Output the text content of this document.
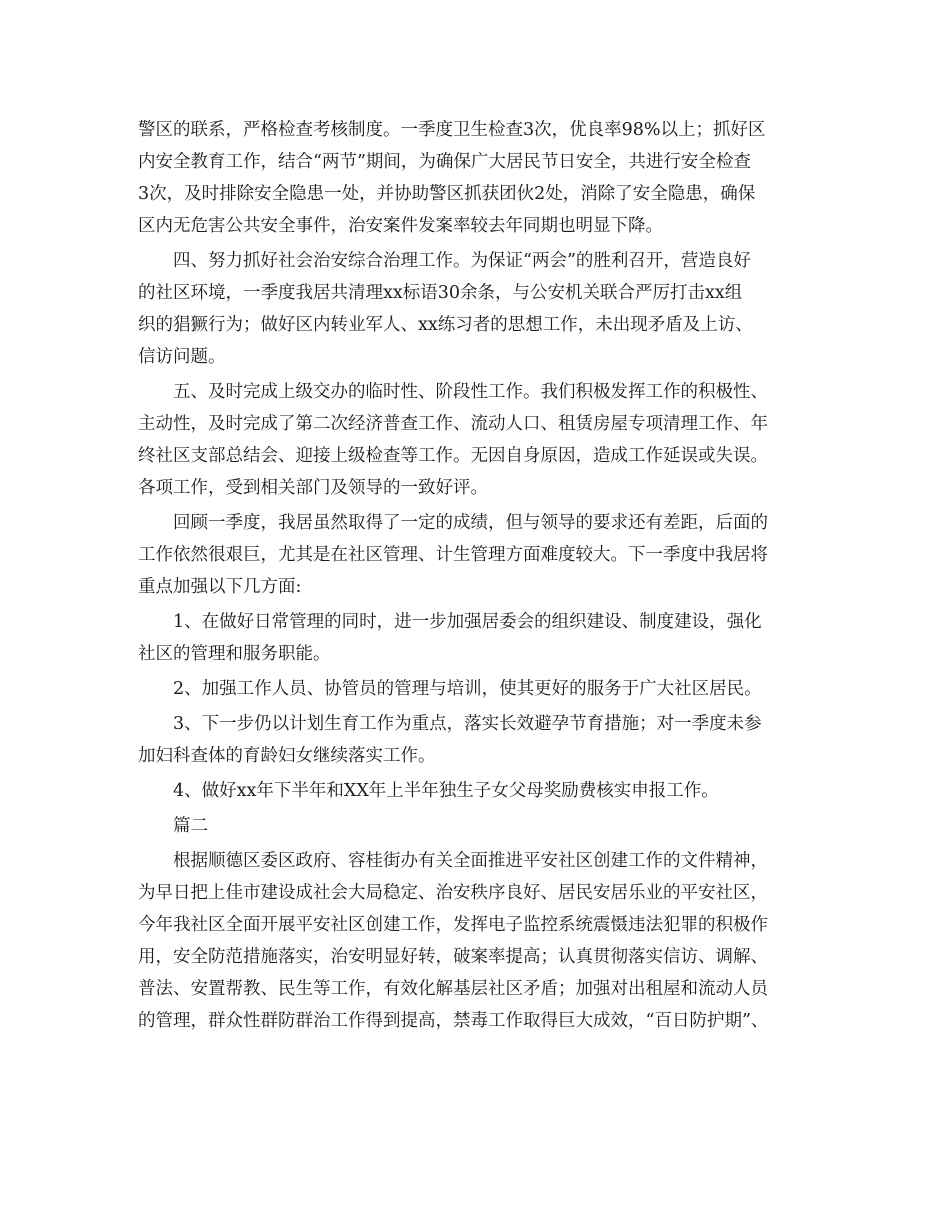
警区的联系，严格检查考核制度。一季度卫生检查3次，优良率98%以上；抓好区
内安全教育工作，结合“两节”期间，为确保广大居民节日安全，共进行安全检查
3次，及时排除安全隐患一处，并协助警区抓获团伙2处，消除了安全隐患，确保
区内无危害公共安全事件，治安案件发案率较去年同期也明显下降。

四、努力抓好社会治安综合治理工作。为保证“两会”的胜利召开，营造良好
的社区环境，一季度我居共清理xx标语30余条，与公安机关联合严厉打击xx组
织的猖獗行为；做好区内转业军人、xx练习者的思想工作，未出现矛盾及上访、
信访问题。

五、及时完成上级交办的临时性、阶段性工作。我们积极发挥工作的积极性、
主动性，及时完成了第二次经济普查工作、流动人口、租赁房屋专项清理工作、年
终社区支部总结会、迎接上级检查等工作。无因自身原因，造成工作延误或失误。
各项工作，受到相关部门及领导的一致好评。

回顾一季度，我居虽然取得了一定的成绩，但与领导的要求还有差距，后面的
工作依然很艰巨，尤其是在社区管理、计生管理方面难度较大。下一季度中我居将
重点加强以下几方面:

1、在做好日常管理的同时，进一步加强居委会的组织建设、制度建设，强化
社区的管理和服务职能。

2、加强工作人员、协管员的管理与培训，使其更好的服务于广大社区居民。

3、下一步仍以计划生育工作为重点，落实长效避孕节育措施；对一季度未参
加妇科查体的育龄妇女继续落实工作。

4、做好xx年下半年和XX年上半年独生子女父母奖励费核实申报工作。

篇二

根据顺德区委区政府、容桂街办有关全面推进平安社区创建工作的文件精神，
为早日把上佳市建设成社会大局稳定、治安秩序良好、居民安居乐业的平安社区，
今年我社区全面开展平安社区创建工作，发挥电子监控系统震慑违法犯罪的积极作
用，安全防范措施落实，治安明显好转，破案率提高；认真贯彻落实信访、调解、
普法、安置帮教、民生等工作，有效化解基层社区矛盾；加强对出租屋和流动人员
的管理，群众性群防群治工作得到提高，禁毒工作取得巨大成效，“百日防护期”、
